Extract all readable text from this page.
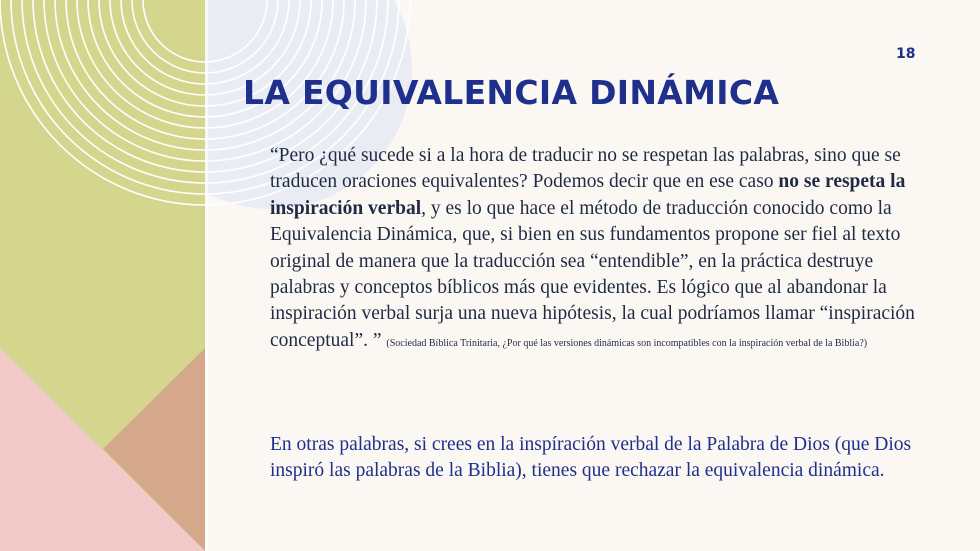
18
LA EQUIVALENCIA DINÁMICA

“Pero ¿qué sucede si a la hora de traducir no se respetan las palabras, sino que se traducen oraciones equivalentes? Podemos decir que en ese caso no se respeta la inspiración verbal, y es lo que hace el método de traducción conocido como la Equivalencia Dinámica, que, si bien en sus fundamentos propone ser fiel al texto original de manera que la traducción sea “entendible”, en la práctica destruye palabras y conceptos bíblicos más que evidentes. Es lógico que al abandonar la inspiración verbal surja una nueva hipótesis, la cual podríamos llamar “inspiración conceptual”. ” (Sociedad Bíblica Trinitaria, ¿Por qué las versiones dinámicas son incompatibles con la inspiración verbal de la Biblia?)

En otras palabras, si crees en la inspíración verbal de la Palabra de Dios (que Dios inspiró las palabras de la Biblia), tienes que rechazar la equivalencia dinámica.
